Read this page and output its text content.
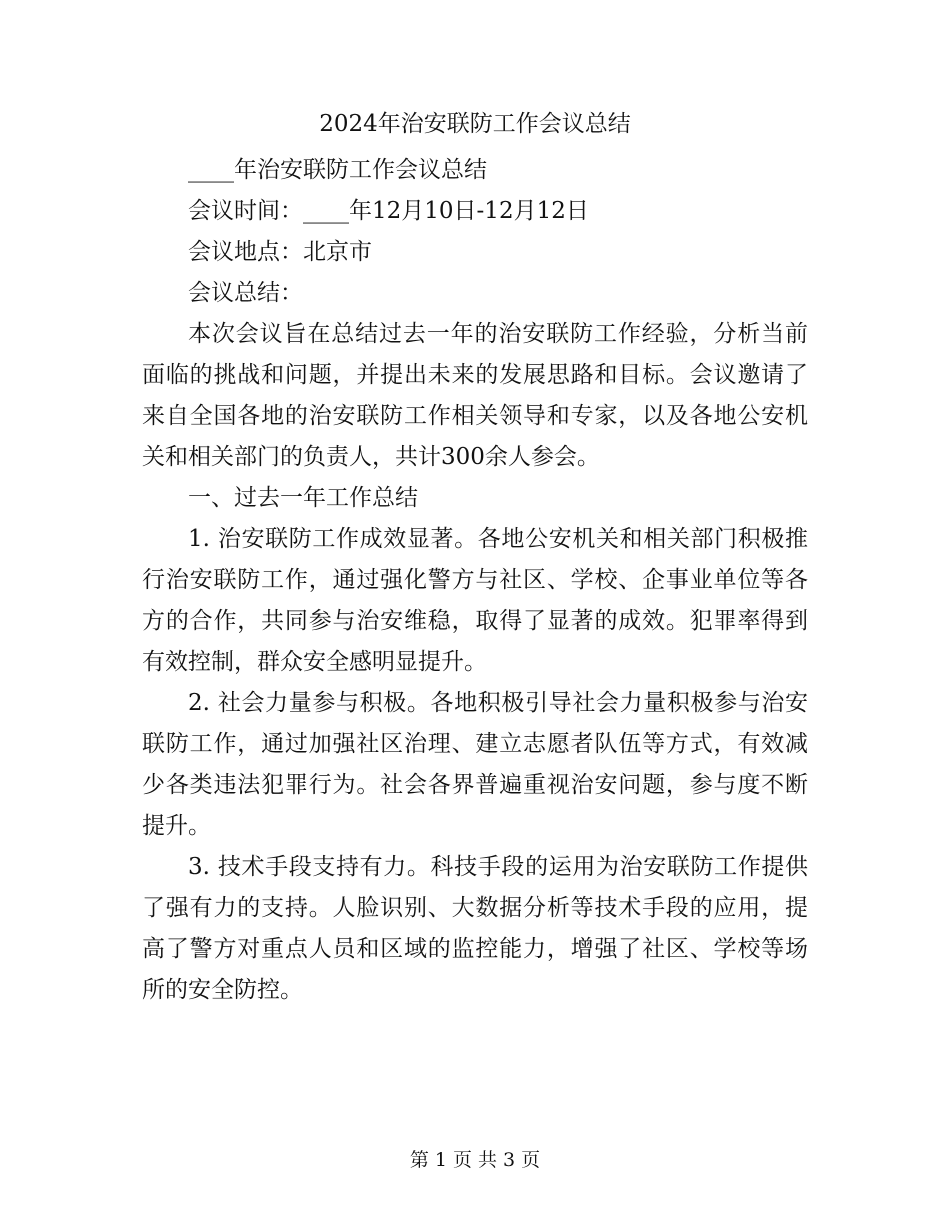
2024年治安联防工作会议总结

____年治安联防工作会议总结

会议时间：____年12月10日-12月12日

会议地点：北京市

会议总结：

本次会议旨在总结过去一年的治安联防工作经验，分析当前面临的挑战和问题，并提出未来的发展思路和目标。会议邀请了来自全国各地的治安联防工作相关领导和专家，以及各地公安机关和相关部门的负责人，共计300余人参会。

一、过去一年工作总结

1. 治安联防工作成效显著。各地公安机关和相关部门积极推行治安联防工作，通过强化警方与社区、学校、企事业单位等各方的合作，共同参与治安维稳，取得了显著的成效。犯罪率得到有效控制，群众安全感明显提升。

2. 社会力量参与积极。各地积极引导社会力量积极参与治安联防工作，通过加强社区治理、建立志愿者队伍等方式，有效减少各类违法犯罪行为。社会各界普遍重视治安问题，参与度不断提升。

3. 技术手段支持有力。科技手段的运用为治安联防工作提供了强有力的支持。人脸识别、大数据分析等技术手段的应用，提高了警方对重点人员和区域的监控能力，增强了社区、学校等场所的安全防控。

第 1 页 共 3 页
